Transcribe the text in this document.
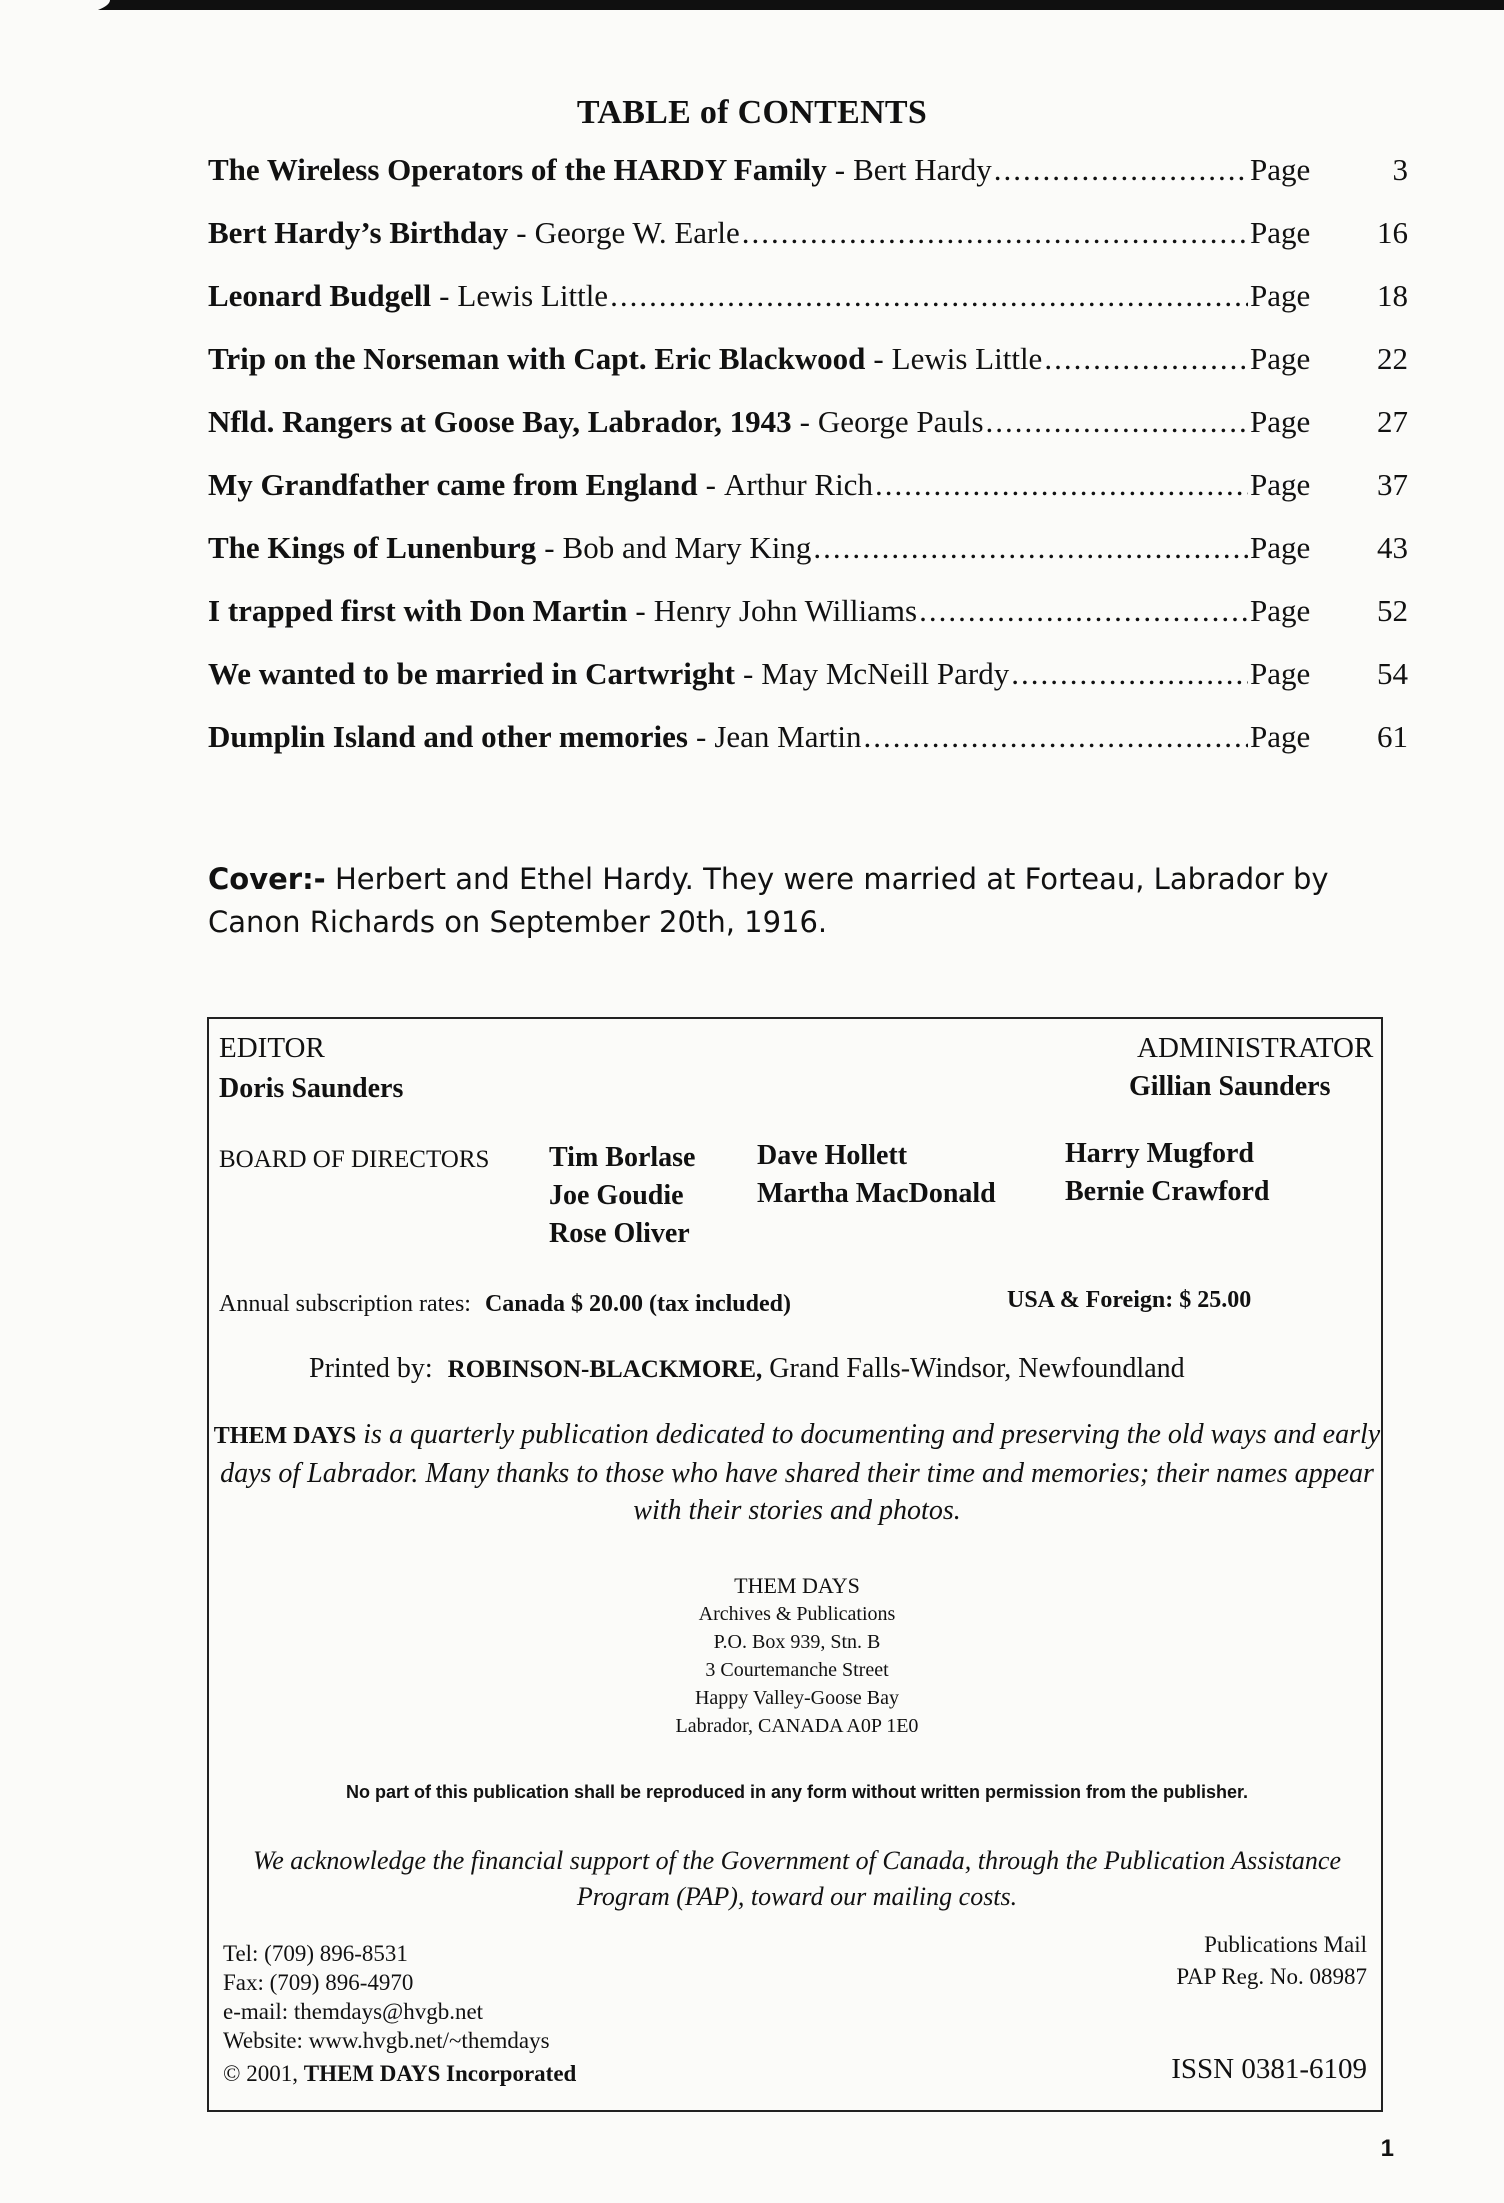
TABLE of CONTENTS
The Wireless Operators of the HARDY Family - Bert Hardy .....	Page	3
Bert Hardy’s Birthday - George W. Earle .....	Page	16
Leonard Budgell - Lewis Little .....	Page	18
Trip on the Norseman with Capt. Eric Blackwood - Lewis Little .....	Page	22
Nfld. Rangers at Goose Bay, Labrador, 1943 - George Pauls .....	Page	27
My Grandfather came from England - Arthur Rich .....	Page	37
The Kings of Lunenburg - Bob and Mary King .....	Page	43
I trapped first with Don Martin - Henry John Williams .....	Page	52
We wanted to be married in Cartwright - May McNeill Pardy .....	Page	54
Dumplin Island and other memories - Jean Martin .....	Page	61
Cover:- Herbert and Ethel Hardy. They were married at Forteau, Labrador by Canon Richards on September 20th, 1916.
EDITOR
Doris Saunders
ADMINISTRATOR
Gillian Saunders
BOARD OF DIRECTORS Tim Borlase
Joe Goudie
Rose Oliver
Dave Hollett
Martha MacDonald
Harry Mugford
Bernie Crawford
Annual subscription rates: Canada $ 20.00 (tax included)	USA & Foreign: $ 25.00
Printed by: ROBINSON-BLACKMORE, Grand Falls-Windsor, Newfoundland
THEM DAYS is a quarterly publication dedicated to documenting and preserving the old ways and early days of Labrador. Many thanks to those who have shared their time and memories; their names appear with their stories and photos.
THEM DAYS
Archives & Publications
P.O. Box 939, Stn. B
3 Courtemanche Street
Happy Valley-Goose Bay
Labrador, CANADA A0P 1E0
No part of this publication shall be reproduced in any form without written permission from the publisher.
We acknowledge the financial support of the Government of Canada, through the Publication Assistance Program (PAP), toward our mailing costs.
Tel: (709) 896-8531
Fax: (709) 896-4970
e-mail: themdays@hvgb.net
Website: www.hvgb.net/~themdays
© 2001, THEM DAYS Incorporated
Publications Mail
PAP Reg. No. 08987
ISSN 0381-6109
1
